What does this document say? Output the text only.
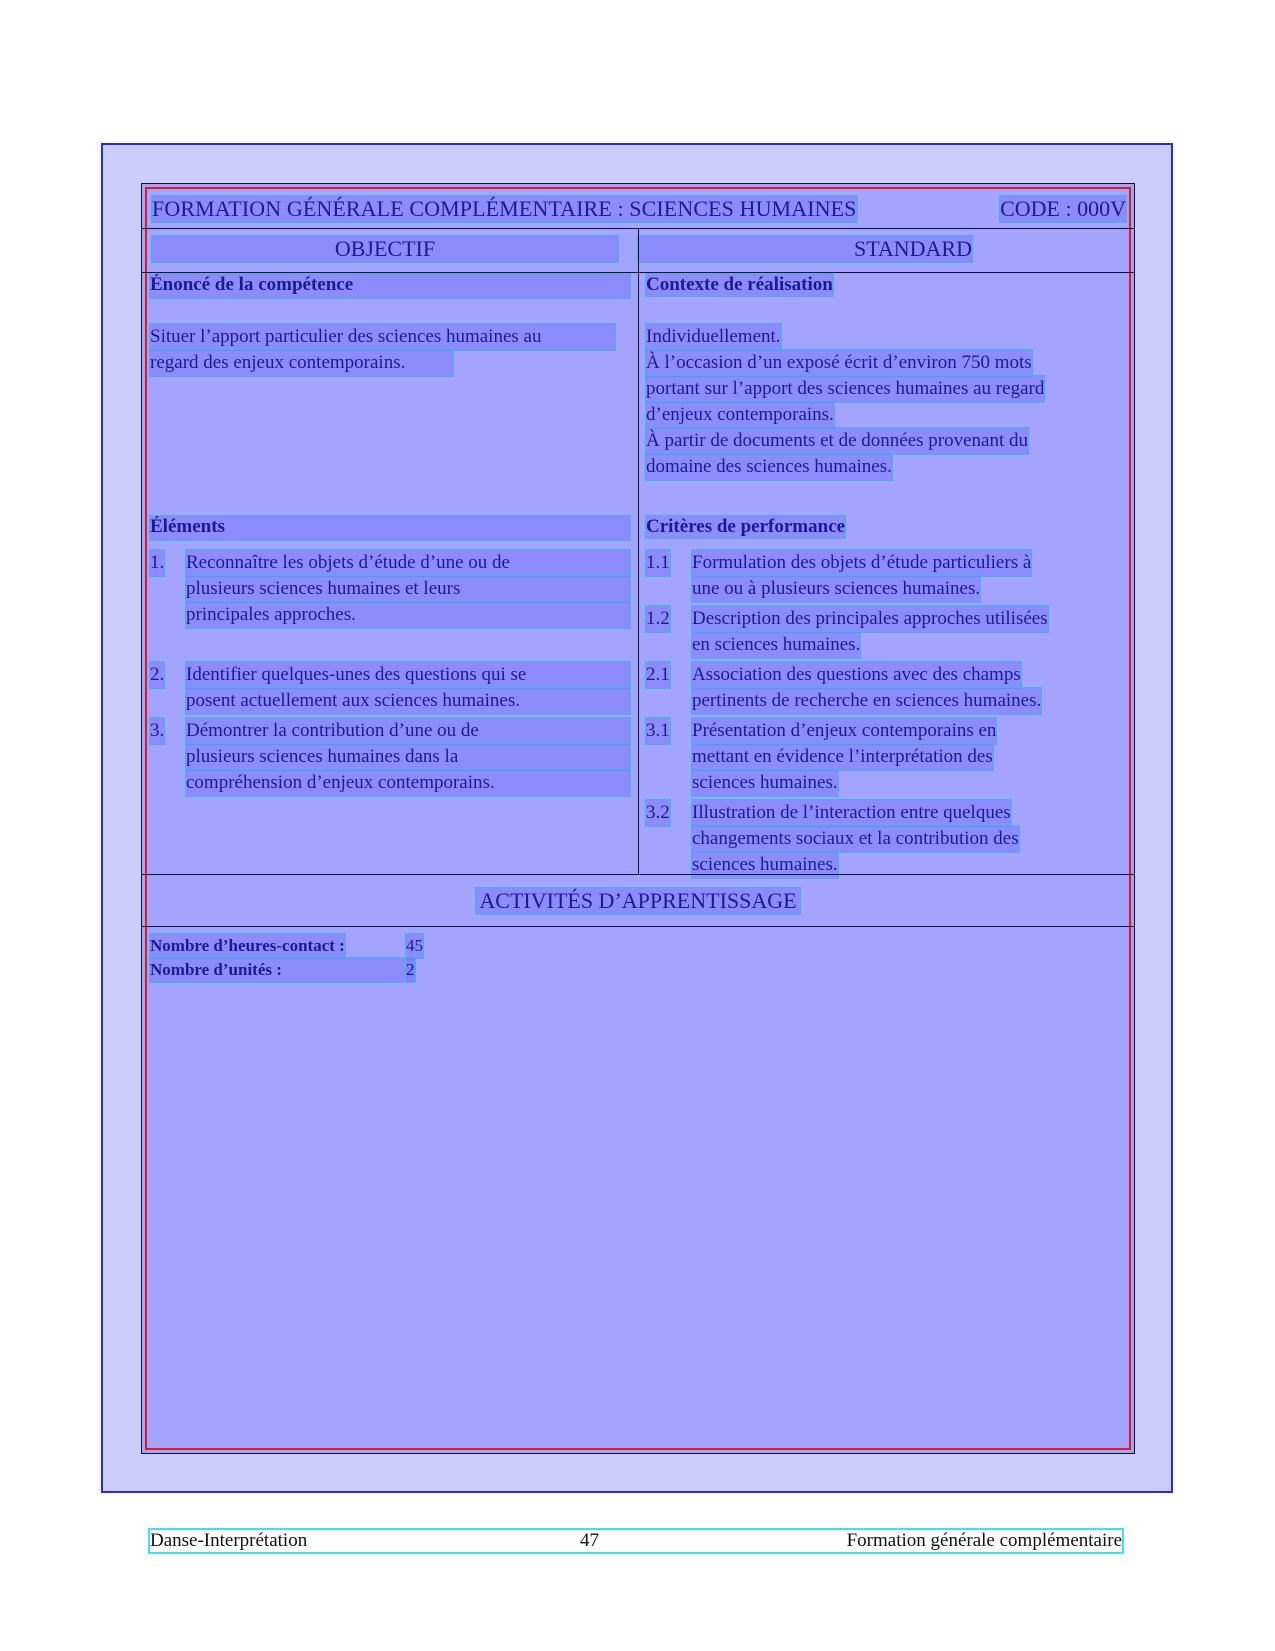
FORMATION GÉNÉRALE COMPLÉMENTAIRE : SCIENCES HUMAINES	CODE : 000V
OBJECTIF	STANDARD
Énoncé de la compétence
Situer l’apport particulier des sciences humaines au
regard des enjeux contemporains.
Contexte de réalisation
Individuellement.
À l’occasion d’un exposé écrit d’environ 750 mots
portant sur l’apport des sciences humaines au regard
d’enjeux contemporains.
À partir de documents et de données provenant du
domaine des sciences humaines.
Éléments
1. Reconnaître les objets d’étude d’une ou de
plusieurs sciences humaines et leurs
principales approches.
2. Identifier quelques-unes des questions qui se
posent actuellement aux sciences humaines.
3. Démontrer la contribution d’une ou de
plusieurs sciences humaines dans la
compréhension d’enjeux contemporains.
Critères de performance
1.1 Formulation des objets d’étude particuliers à
une ou à plusieurs sciences humaines.
1.2 Description des principales approches utilisées
en sciences humaines.
2.1 Association des questions avec des champs
pertinents de recherche en sciences humaines.
3.1 Présentation d’enjeux contemporains en
mettant en évidence l’interprétation des
sciences humaines.
3.2 Illustration de l’interaction entre quelques
changements sociaux et la contribution des
sciences humaines.
ACTIVITÉS D’APPRENTISSAGE
Nombre d’heures-contact :	45
Nombre d’unités :	2
Danse-Interprétation	47	Formation générale complémentaire
